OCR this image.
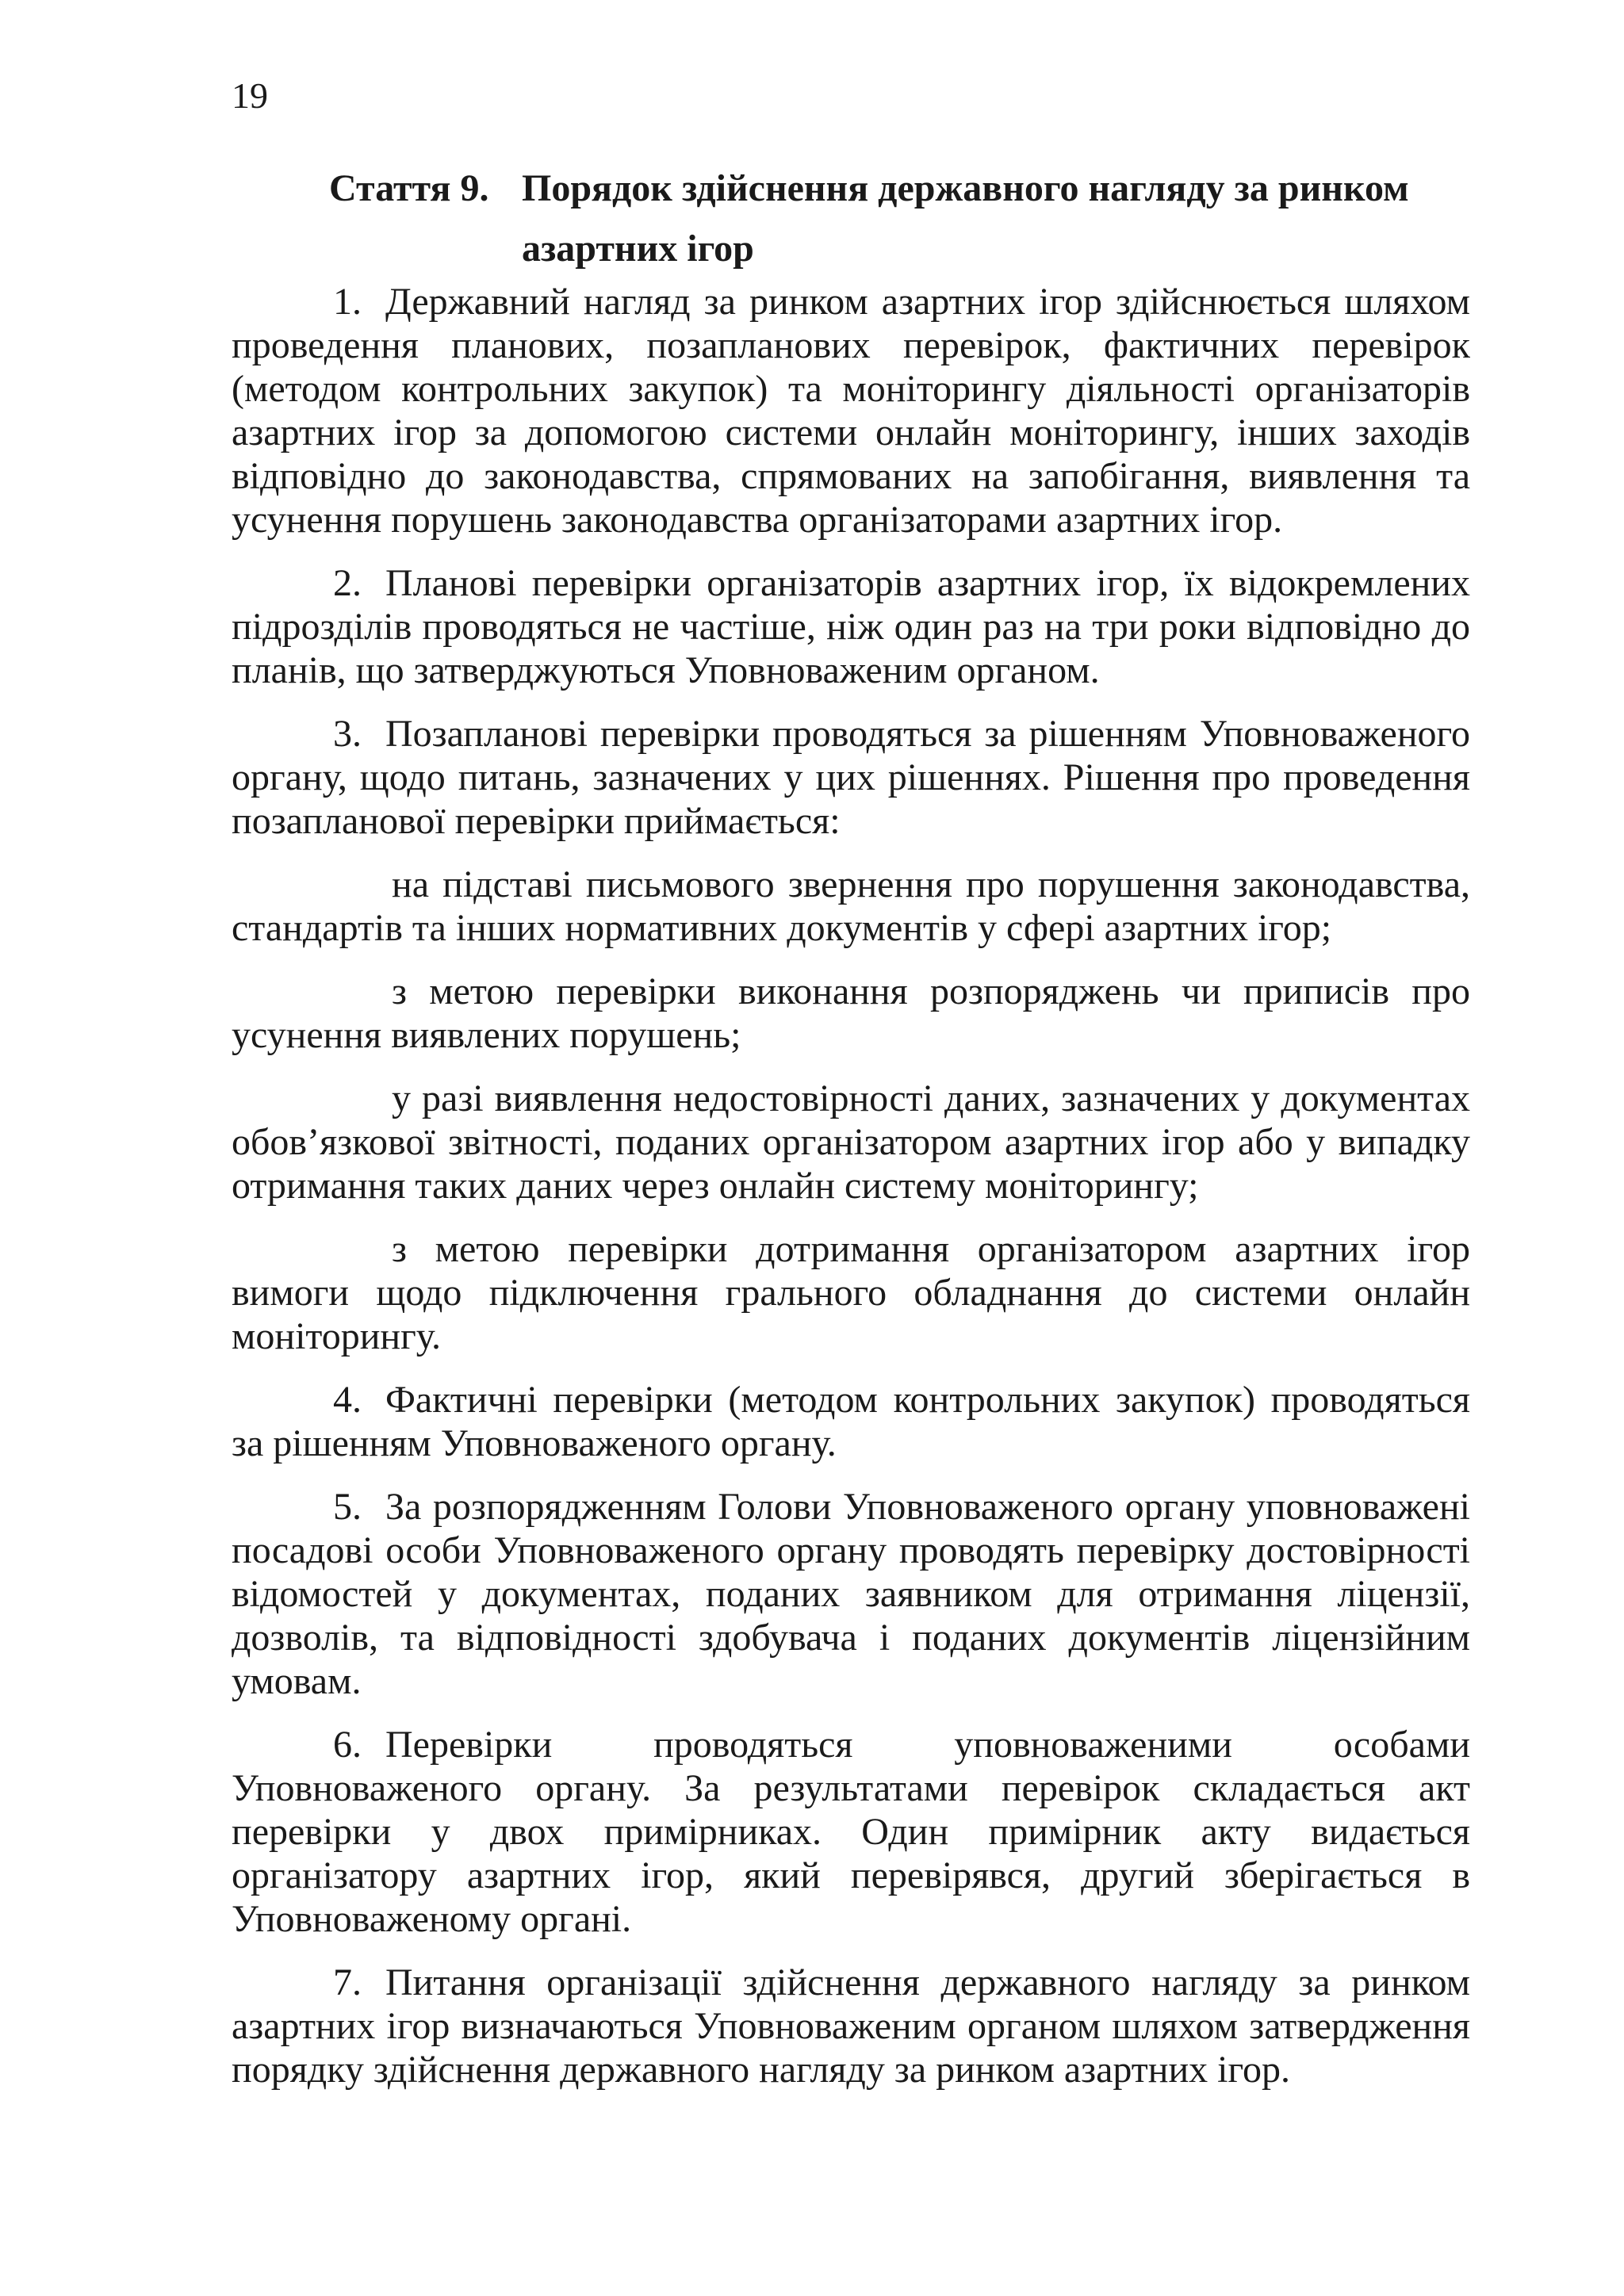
19
Стаття 9. Порядок здійснення державного нагляду за ринком азартних ігор

1. Державний нагляд за ринком азартних ігор здійснюється шляхом проведення планових, позапланових перевірок, фактичних перевірок (методом контрольних закупок) та моніторингу діяльності організаторів азартних ігор за допомогою системи онлайн моніторингу, інших заходів відповідно до законодавства, спрямованих на запобігання, виявлення та усунення порушень законодавства організаторами азартних ігор.

2. Планові перевірки організаторів азартних ігор, їх відокремлених підрозділів проводяться не частіше, ніж один раз на три роки відповідно до планів, що затверджуються Уповноваженим органом.

3. Позапланові перевірки проводяться за рішенням Уповноваженого органу, щодо питань, зазначених у цих рішеннях. Рішення про проведення позапланової перевірки приймається:

на підставі письмового звернення про порушення законодавства, стандартів та інших нормативних документів у сфері азартних ігор;

з метою перевірки виконання розпоряджень чи приписів про усунення виявлених порушень;

у разі виявлення недостовірності даних, зазначених у документах обов’язкової звітності, поданих організатором азартних ігор або у випадку отримання таких даних через онлайн систему моніторингу;

з метою перевірки дотримання організатором азартних ігор вимоги щодо підключення грального обладнання до системи онлайн моніторингу.

4. Фактичні перевірки (методом контрольних закупок) проводяться за рішенням Уповноваженого органу.

5. За розпорядженням Голови Уповноваженого органу уповноважені посадові особи Уповноваженого органу проводять перевірку достовірності відомостей у документах, поданих заявником для отримання ліцензії, дозволів, та відповідності здобувача і поданих документів ліцензійним умовам.

6. Перевірки проводяться уповноваженими особами Уповноваженого органу. За результатами перевірок складається акт перевірки у двох примірниках. Один примірник акту видається організатору азартних ігор, який перевірявся, другий зберігається в Уповноваженому органі.

7. Питання організації здійснення державного нагляду за ринком азартних ігор визначаються Уповноваженим органом шляхом затвердження порядку здійснення державного нагляду за ринком азартних ігор.
